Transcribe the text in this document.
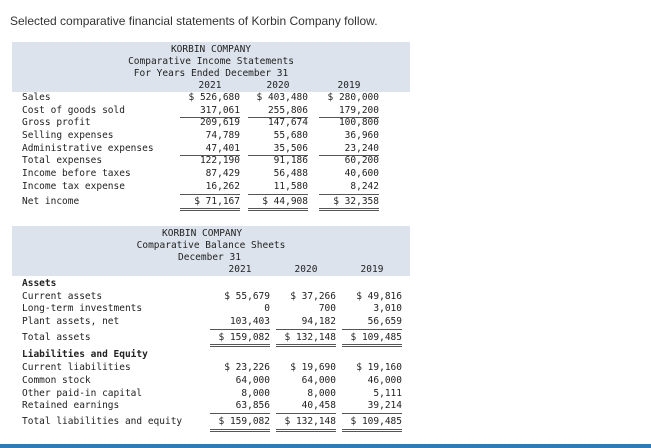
Selected comparative financial statements of Korbin Company follow.
KORBIN COMPANY
Comparative Income Statements
For Years Ended December 31
2021	2020	2019
Sales	$ 526,680	$ 403,480	$ 280,000
Cost of goods sold	317,061	255,806	179,200
Gross profit	209,619	147,674	100,800
Selling expenses	74,789	55,680	36,960
Administrative expenses	47,401	35,506	23,240
Total expenses	122,190	91,186	60,200
Income before taxes	87,429	56,488	40,600
Income tax expense	16,262	11,580	8,242
Net income	$ 71,167	$ 44,908	$ 32,358
KORBIN COMPANY
Comparative Balance Sheets
December 31
2021	2020	2019
Assets
Current assets	$ 55,679	$ 37,266	$ 49,816
Long-term investments	0	700	3,010
Plant assets, net	103,403	94,182	56,659
Total assets	$ 159,082	$ 132,148	$ 109,485
Liabilities and Equity
Current liabilities	$ 23,226	$ 19,690	$ 19,160
Common stock	64,000	64,000	46,000
Other paid-in capital	8,000	8,000	5,111
Retained earnings	63,856	40,458	39,214
Total liabilities and equity	$ 159,082	$ 132,148	$ 109,485
